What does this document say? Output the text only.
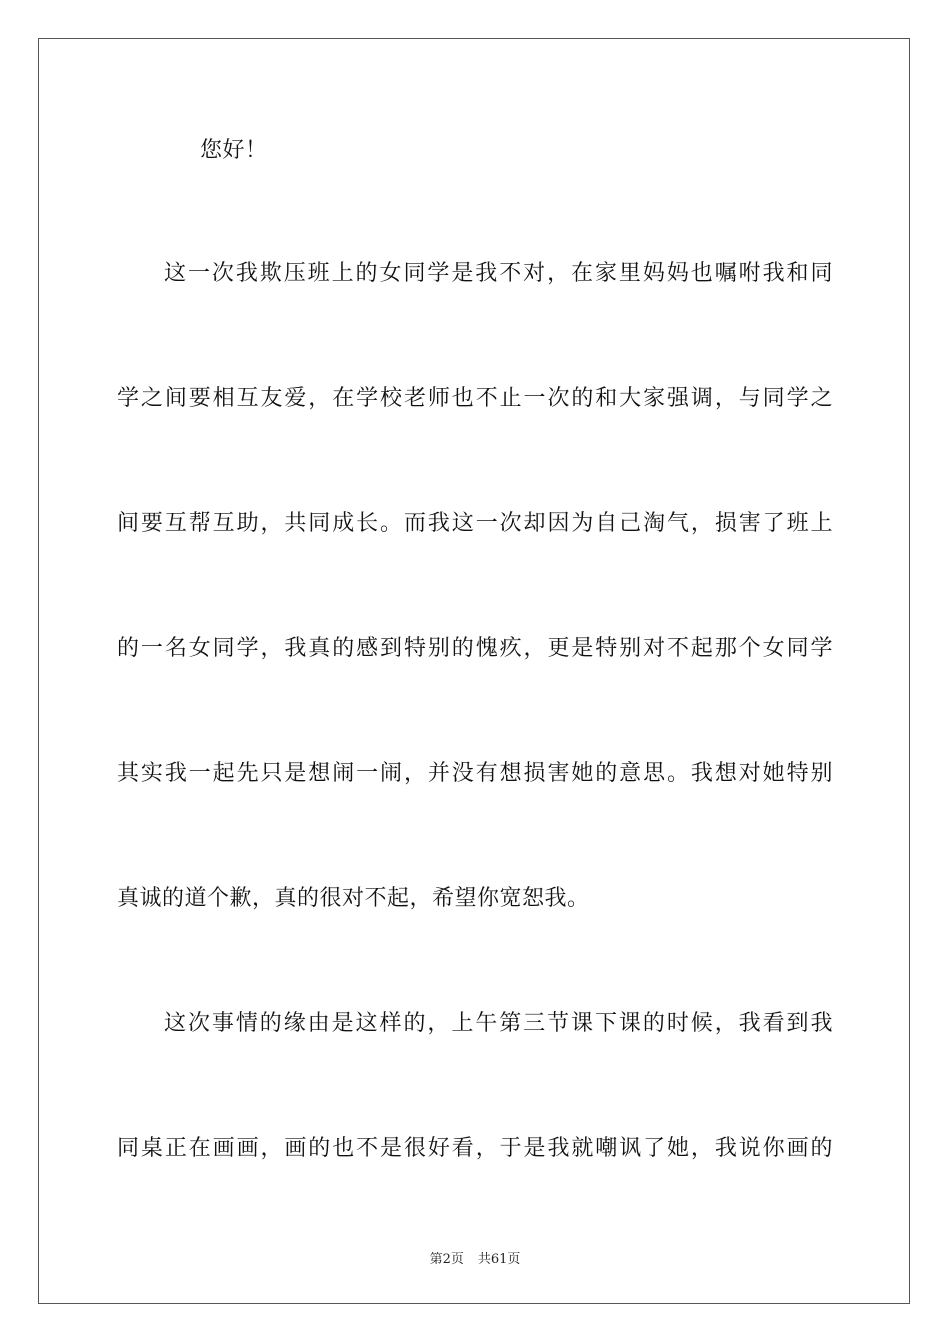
您好！
这一次我欺压班上的女同学是我不对，在家里妈妈也嘱咐我和同
学之间要相互友爱，在学校老师也不止一次的和大家强调，与同学之
间要互帮互助，共同成长。而我这一次却因为自己淘气，损害了班上
的一名女同学，我真的感到特别的愧疚，更是特别对不起那个女同学
其实我一起先只是想闹一闹，并没有想损害她的意思。我想对她特别
真诚的道个歉，真的很对不起，希望你宽恕我。
这次事情的缘由是这样的，上午第三节课下课的时候，我看到我
同桌正在画画，画的也不是很好看，于是我就嘲讽了她，我说你画的
第2页 共61页
